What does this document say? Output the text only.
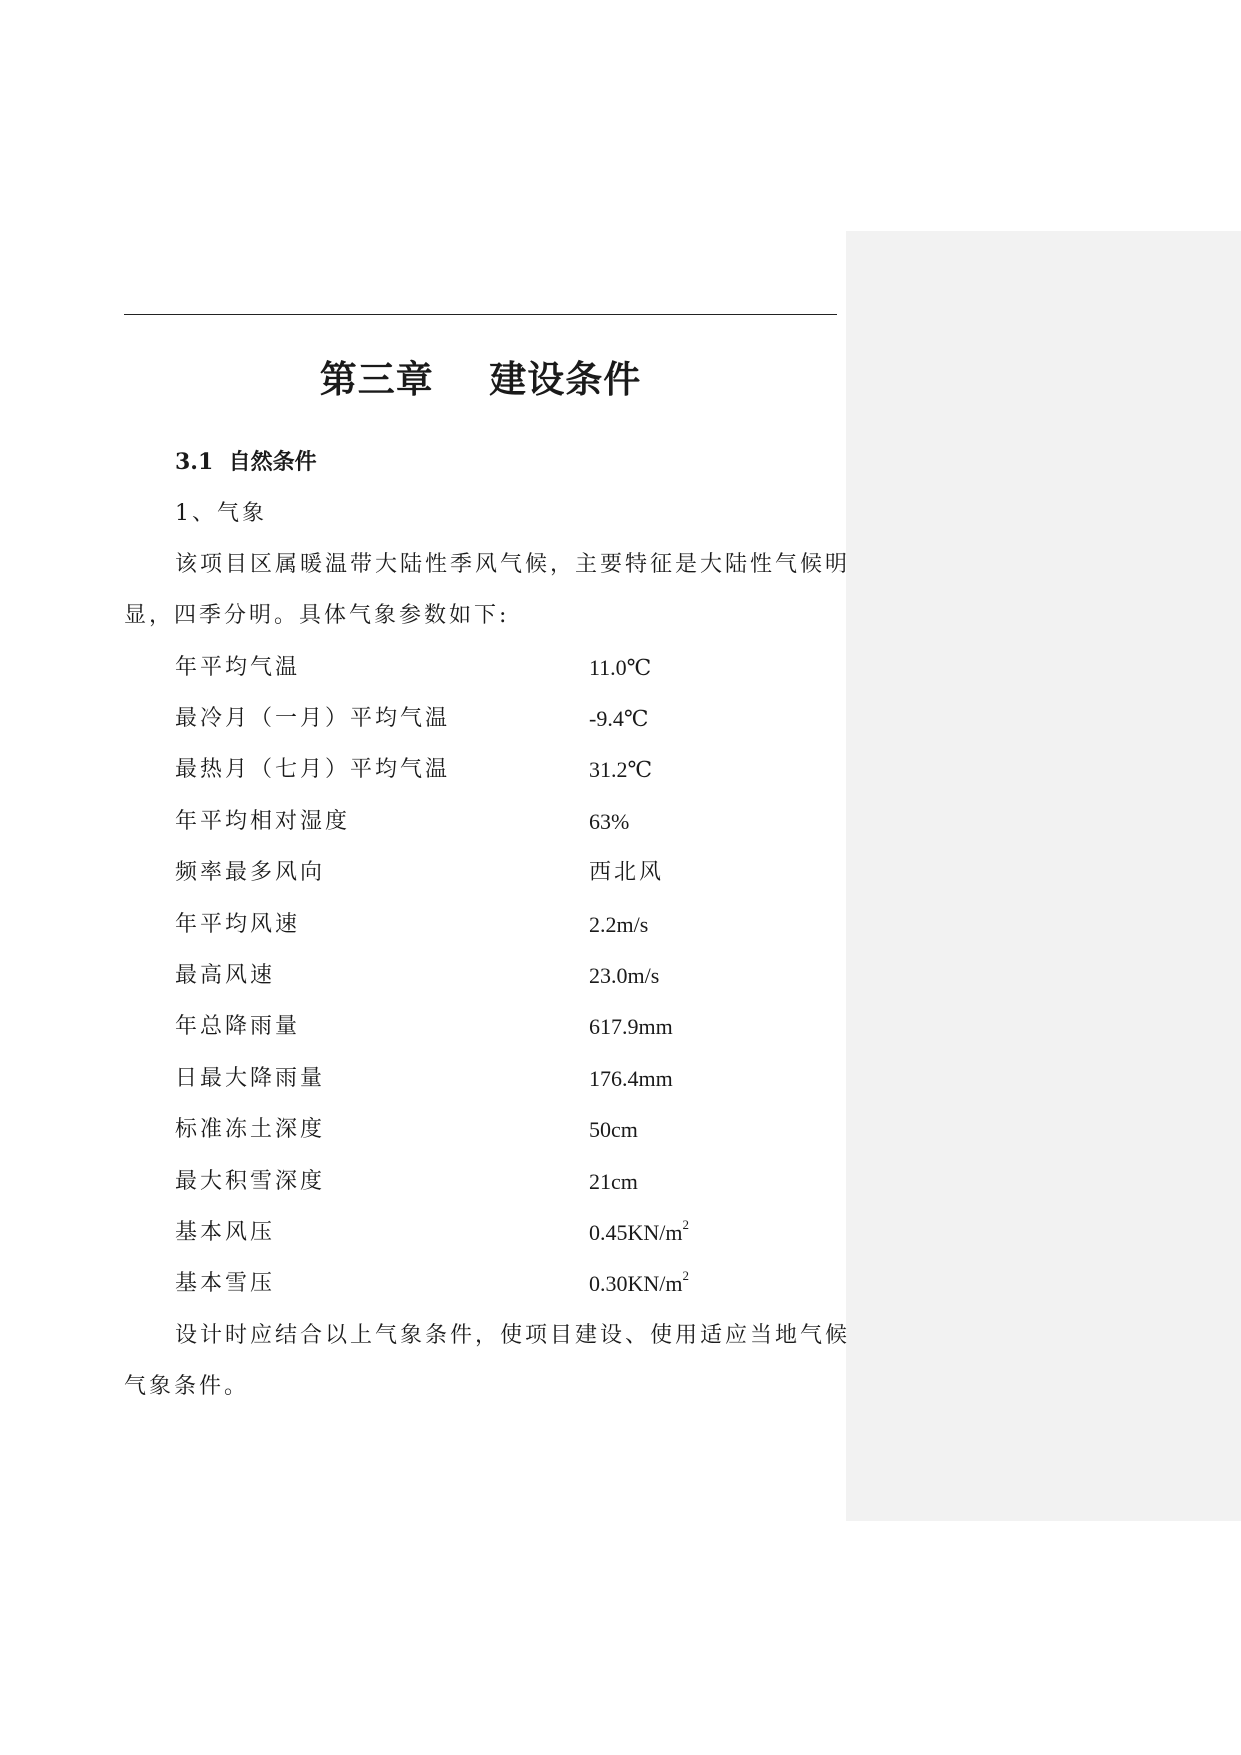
第三章    建设条件
3.1 自然条件
1、气象
该项目区属暖温带大陆性季风气候，主要特征是大陆性气候明
显，四季分明。具体气象参数如下:
年平均气温	11.0℃
最冷月（一月）平均气温	-9.4℃
最热月（七月）平均气温	31.2℃
年平均相对湿度	63%
频率最多风向	西北风
年平均风速	2.2m/s
最高风速	23.0m/s
年总降雨量	617.9mm
日最大降雨量	176.4mm
标准冻土深度	50cm
最大积雪深度	21cm
基本风压	$0.45KN/m^2$
基本雪压	$0.30KN/m^2$
设计时应结合以上气象条件，使项目建设、使用适应当地气候
气象条件。
